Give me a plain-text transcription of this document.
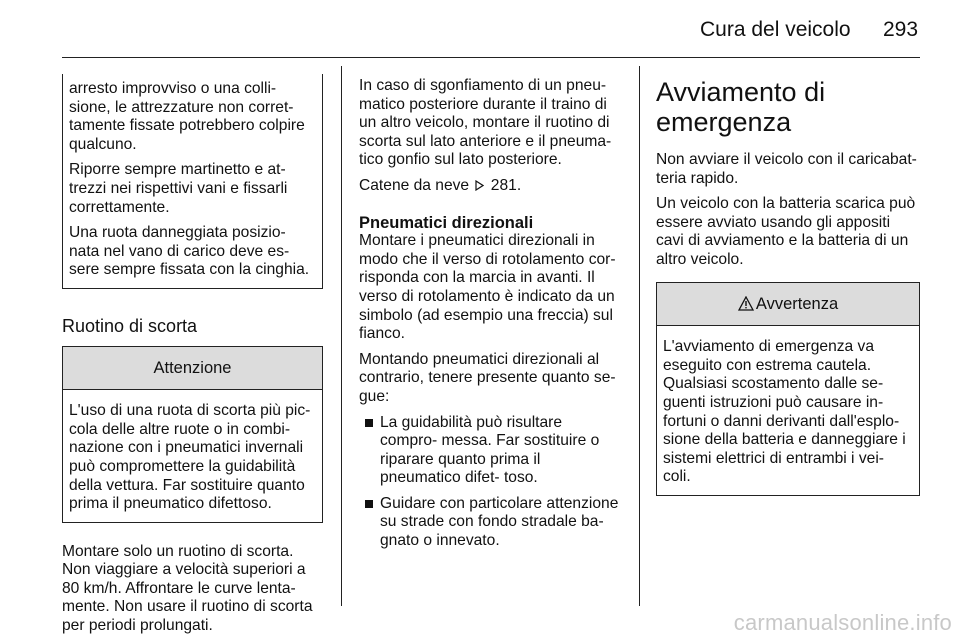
Cura del veicolo 293

arresto improvviso o una colli- sione, le attrezzature non corret- tamente fissate potrebbero colpire qualcuno.

Riporre sempre martinetto e at- trezzi nei rispettivi vani e fissarli correttamente.

Una ruota danneggiata posizio- nata nel vano di carico deve es- sere sempre fissata con la cinghia.

Ruotino di scorta
Attenzione

L'uso di una ruota di scorta più pic- cola delle altre ruote o in combi- nazione con i pneumatici invernali può compromettere la guidabilità della vettura. Far sostituire quanto prima il pneumatico difettoso.

Montare solo un ruotino di scorta. Non viaggiare a velocità superiori a 80 km/h. Affrontare le curve lenta- mente. Non usare il ruotino di scorta per periodi prolungati.

In caso di sgonfiamento di un pneu- matico posteriore durante il traino di un altro veicolo, montare il ruotino di scorta sul lato anteriore e il pneuma- tico gonfio sul lato posteriore.

Catene da neve 281.

Pneumatici direzionali

Montare i pneumatici direzionali in modo che il verso di rotolamento cor- risponda con la marcia in avanti. Il verso di rotolamento è indicato da un simbolo (ad esempio una freccia) sul fianco.

Montando pneumatici direzionali al contrario, tenere presente quanto se- gue:

La guidabilità può risultare compro- messa. Far sostituire o riparare quanto prima il pneumatico difet- toso.
Guidare con particolare attenzione su strade con fondo stradale ba- gnato o innevato.
Avviamento di emergenza

Non avviare il veicolo con il caricabat- teria rapido.

Un veicolo con la batteria scarica può essere avviato usando gli appositi cavi di avviamento e la batteria di un altro veicolo.

Avvertenza

L'avviamento di emergenza va eseguito con estrema cautela. Qualsiasi scostamento dalle se- guenti istruzioni può causare in- fortuni o danni derivanti dall'esplo- sione della batteria e danneggiare i sistemi elettrici di entrambi i vei- coli.

carmanualsonline.info
